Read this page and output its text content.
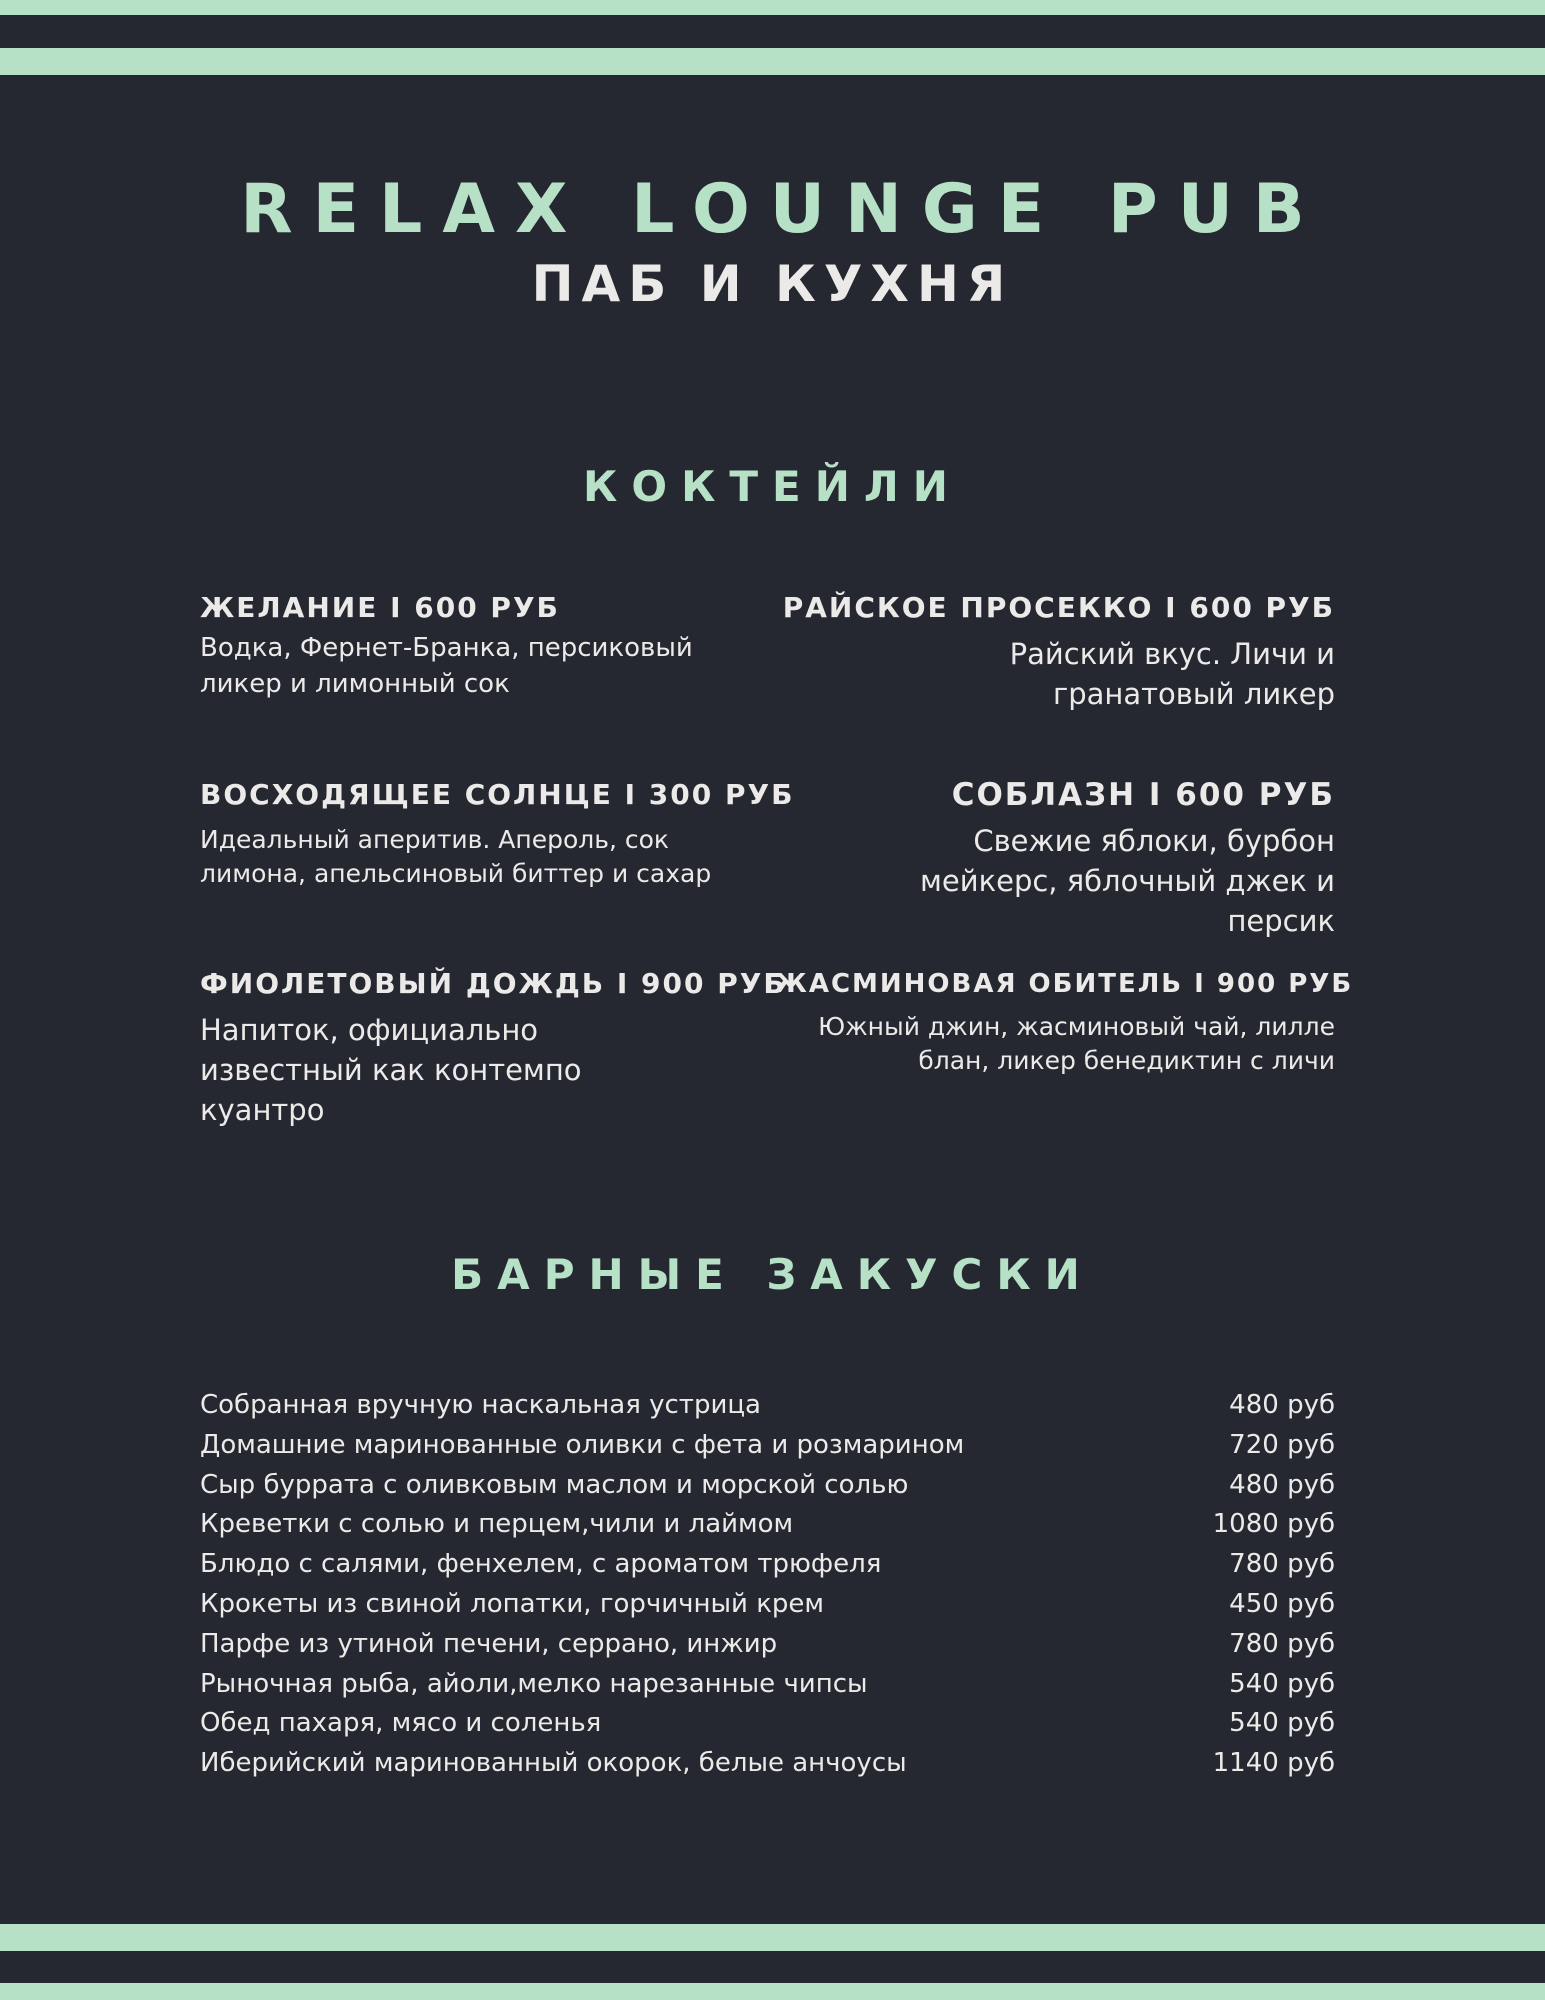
RELAX LOUNGE PUB
ПАБ И КУХНЯ
КОКТЕЙЛИ
ЖЕЛАНИЕ I 600 РУБ
Водка, Фернет-Бранка, персиковый ликер и лимонный сок
РАЙСКОЕ ПРОСЕККО I 600 РУБ
Райский вкус. Личи и гранатовый ликер
ВОСХОДЯЩЕЕ СОЛНЦЕ I 300 РУБ
Идеальный аперитив. Апероль, сок лимона, апельсиновый биттер и сахар
СОБЛАЗН I 600 РУБ
Свежие яблоки, бурбон мейкерс, яблочный джек и персик
ФИОЛЕТОВЫЙ ДОЖДЬ I 900 РУБ
Напиток, официально известный как контемпо куантро
ЖАСМИНОВАЯ ОБИТЕЛЬ I 900 РУБ
Южный джин, жасминовый чай, лилле блан, ликер бенедиктин с личи
БАРНЫЕ ЗАКУСКИ
Собранная вручную наскальная устрица	480 руб
Домашние маринованные оливки с фета и розмарином	720 руб
Сыр буррата с оливковым маслом и морской солью	480 руб
Креветки с солью и перцем,чили и лаймом	1080 руб
Блюдо с салями, фенхелем, с ароматом трюфеля	780 руб
Крокеты из свиной лопатки, горчичный крем	450 руб
Парфе из утиной печени, серрано, инжир	780 руб
Рыночная рыба, айоли,мелко нарезанные чипсы	540 руб
Обед пахаря, мясо и соленья	540 руб
Иберийский маринованный окорок, белые анчоусы	1140 руб
